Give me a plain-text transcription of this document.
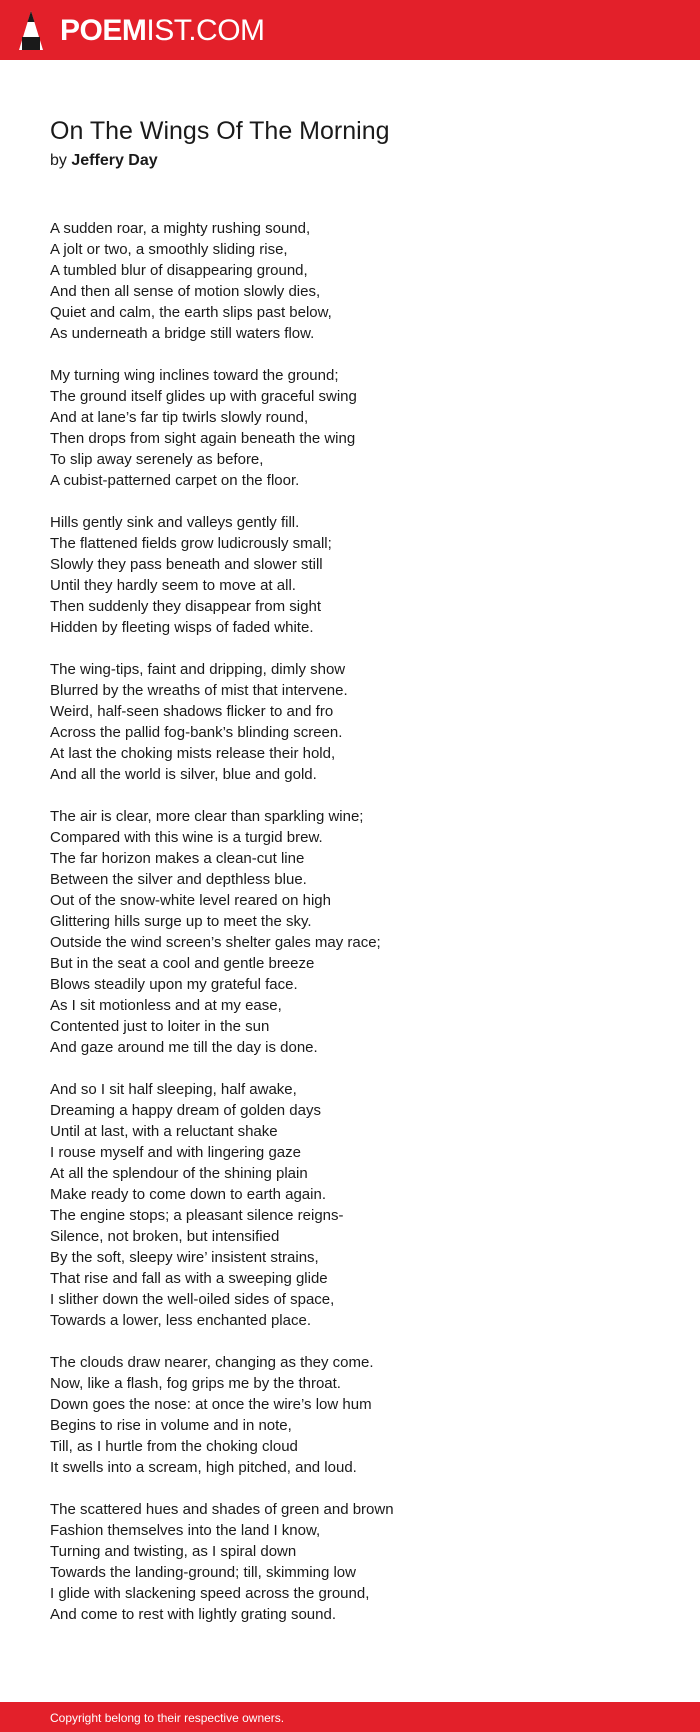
POEMIST.COM
On The Wings Of The Morning
by Jeffery Day
A sudden roar, a mighty rushing sound,
A jolt or two, a smoothly sliding rise,
A tumbled blur of disappearing ground,
And then all sense of motion slowly dies,
Quiet and calm, the earth slips past below,
As underneath a bridge still waters flow.
My turning wing inclines toward the ground;
The ground itself glides up with graceful swing
And at lane’s far tip twirls slowly round,
Then drops from sight again beneath the wing
To slip away serenely as before,
A cubist-patterned carpet on the floor.
Hills gently sink and valleys gently fill.
The flattened fields grow ludicrously small;
Slowly they pass beneath and slower still
Until they hardly seem to move at all.
Then suddenly they disappear from sight
Hidden by fleeting wisps of faded white.
The wing-tips, faint and dripping, dimly show
Blurred by the wreaths of mist that intervene.
Weird, half-seen shadows flicker to and fro
Across the pallid fog-bank’s blinding screen.
At last the choking mists release their hold,
And all the world is silver, blue and gold.
The air is clear, more clear than sparkling wine;
Compared with this wine is a turgid brew.
The far horizon makes a clean-cut line
Between the silver and depthless blue.
Out of the snow-white level reared on high
Glittering hills surge up to meet the sky.
Outside the wind screen’s shelter gales may race;
But in the seat a cool and gentle breeze
Blows steadily upon my grateful face.
As I sit motionless and at my ease,
Contented just to loiter in the sun
And gaze around me till the day is done.
And so I sit half sleeping, half awake,
Dreaming a happy dream of golden days
Until at last, with a reluctant shake
I rouse myself and with lingering gaze
At all the splendour of the shining plain
Make ready to come down to earth again.
The engine stops; a pleasant silence reigns-
Silence, not broken, but intensified
By the soft, sleepy wire’ insistent strains,
That rise and fall as with a sweeping glide
I slither down the well-oiled sides of space,
Towards a lower, less enchanted place.
The clouds draw nearer, changing as they come.
Now, like a flash, fog grips me by the throat.
Down goes the nose: at once the wire’s low hum
Begins to rise in volume and in note,
Till, as I hurtle from the choking cloud
It swells into a scream, high pitched, and loud.
The scattered hues and shades of green and brown
Fashion themselves into the land I know,
Turning and twisting, as I spiral down
Towards the landing-ground; till, skimming low
I glide with slackening speed across the ground,
And come to rest with lightly grating sound.
Copyright belong to their respective owners.
